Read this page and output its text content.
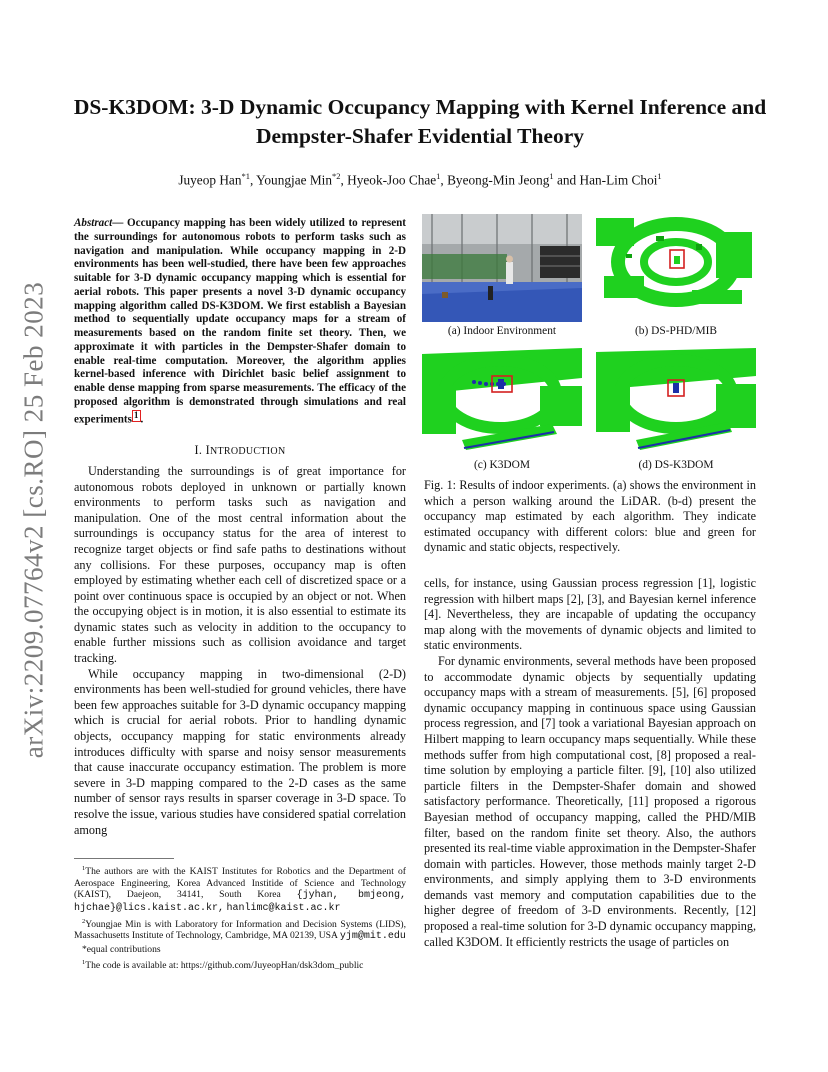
arXiv:2209.07764v2 [cs.RO] 25 Feb 2023
DS-K3DOM: 3-D Dynamic Occupancy Mapping with Kernel Inference and Dempster-Shafer Evidential Theory
Juyeop Han$^{*1}$, Youngjae Min$^{*2}$, Hyeok-Joo Chae$^1$, Byeong-Min Jeong$^1$ and Han-Lim Choi$^1$

Abstract— Occupancy mapping has been widely utilized to represent the surroundings for autonomous robots to perform tasks such as navigation and manipulation. While occupancy mapping in 2-D environments has been well-studied, there have been few approaches suitable for 3-D dynamic occupancy mapping which is essential for aerial robots. This paper presents a novel 3-D dynamic occupancy mapping algorithm called DS-K3DOM. We first establish a Bayesian method to sequentially update occupancy maps for a stream of measurements based on the random finite set theory. Then, we approximate it with particles in the Dempster-Shafer domain to enable real-time computation. Moreover, the algorithm applies kernel-based inference with Dirichlet basic belief assignment to enable dense mapping from sparse measurements. The efficacy of the proposed algorithm is demonstrated through simulations and real experiments $^1$ .

I. INTRODUCTION

Understanding the surroundings is of great importance for autonomous robots deployed in unknown or partially known environments to perform tasks such as navigation and manipulation. One of the most central information about the surroundings is occupancy status for the area of interest to recognize target objects or find safe paths to destinations without any collisions. For these purposes, occupancy map is often employed by estimating whether each cell of discretized space or a point over continuous space is occupied by an object or not. When the occupying object is in motion, it is also essential to estimate its dynamic states such as velocity in addition to the occupancy to enable further missions such as collision avoidance and target tracking.

While occupancy mapping in two-dimensional (2-D) environments has been well-studied for ground vehicles, there have been few approaches suitable for 3-D dynamic occupancy mapping which is crucial for aerial robots. Prior to handling dynamic objects, occupancy mapping for static environments already introduces difficulty with sparse and noisy sensor measurements that cause inaccurate occupancy estimation. The problem is more severe in 3-D mapping compared to the 2-D cases as the same number of sensor rays results in sparser coverage in 3-D space. To resolve the issue, various studies have considered spatial correlation among

$^1$The authors are with the KAIST Institutes for Robotics and the Department of Aerospace Engineering, Korea Advanced Institide of Science and Technology (KAIST), Daejeon, 34141, South Korea {jyhan, bmjeong, hjchae}@lics.kaist.ac.kr, hanlimc@kaist.ac.kr

$^2$Youngjae Min is with Laboratory for Information and Decision Systems (LIDS), Massachusetts Institute of Technology, Cambridge, MA 02139, USA yjm@mit.edu

*equal contributions

$^1$The code is available at: https://github.com/JuyeopHan/dsk3dom_public

(a) Indoor Environment	(b) DS-PHD/MIB
(c) K3DOM	(d) DS-K3DOM

Fig. 1: Results of indoor experiments. (a) shows the environment in which a person walking around the LiDAR. (b-d) present the occupancy map estimated by each algorithm. They indicate estimated occupancy with different colors: blue and green for dynamic and static objects, respectively.

cells, for instance, using Gaussian process regression [1], logistic regression with hilbert maps [2], [3], and Bayesian kernel inference [4]. Nevertheless, they are incapable of updating the occupancy map along with the movements of dynamic objects and limited to static environments.

For dynamic environments, several methods have been proposed to accommodate dynamic objects by sequentially updating occupancy maps with a stream of measurements. [5], [6] proposed dynamic occupancy mapping in continuous space using Gaussian process regression, and [7] took a variational Bayesian approach on Hilbert mapping to learn occupancy maps sequentially. While these methods suffer from high computational cost, [8] proposed a real-time solution by employing a particle filter. [9], [10] also utilized particle filters in the Dempster-Shafer domain and showed satisfactory performance. Theoretically, [11] proposed a rigorous Bayesian method of occupancy mapping, called the PHD/MIB filter, based on the random finite set theory. Also, the authors presented its real-time viable approximation in the Dempster-Shafer domain with particles. However, those methods mainly target 2-D environments, and simply applying them to 3-D environments demands vast memory and computation capabilities due to the higher degree of freedom of 3-D environments. Recently, [12] proposed a real-time solution for 3-D dynamic occupancy mapping, called K3DOM. It efficiently restricts the usage of particles on
